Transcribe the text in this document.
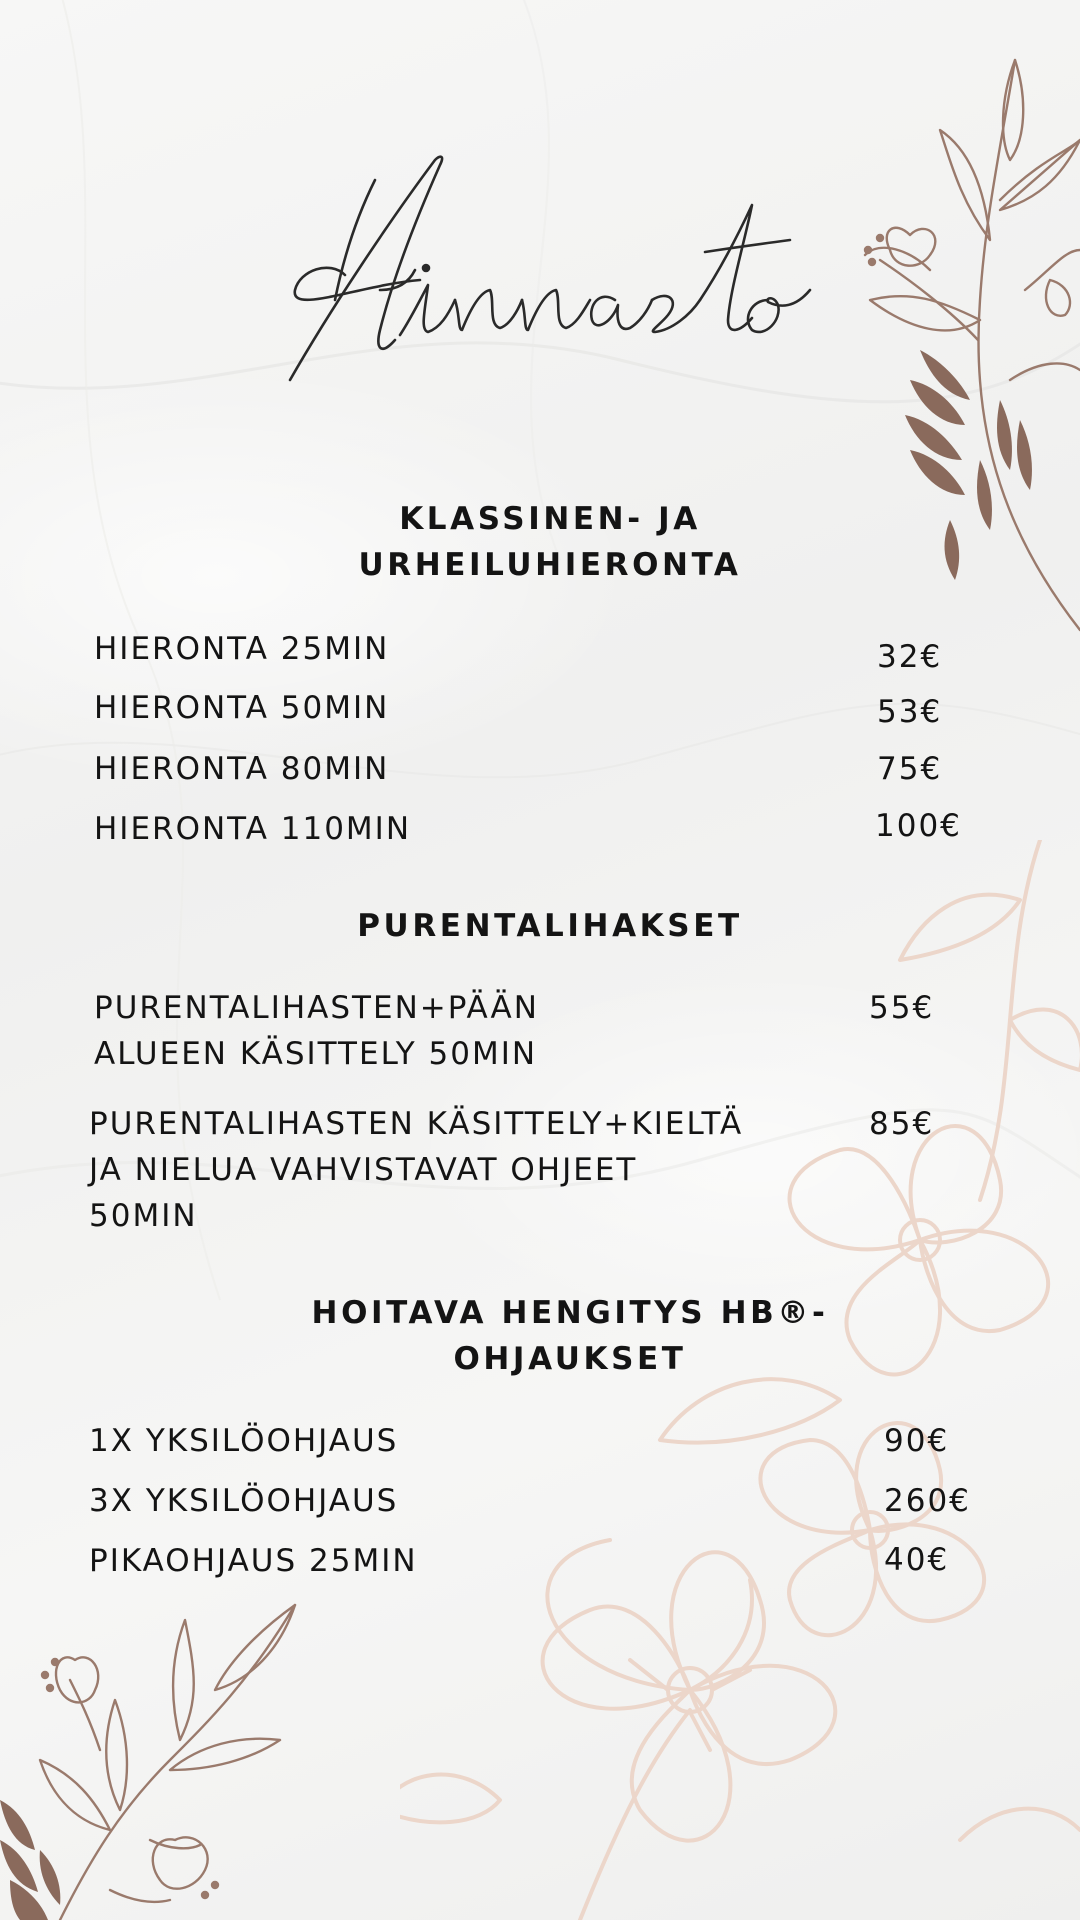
KLASSINEN- JA
URHEILUHIERONTA
HIERONTA 25MIN	32€
HIERONTA 50MIN	53€
HIERONTA 80MIN	75€
HIERONTA 110MIN	100€
PURENTALIHAKSET
PURENTALIHASTEN+PÄÄN
ALUEEN KÄSITTELY 50MIN
55€
PURENTALIHASTEN KÄSITTELY+KIELTÄ
JA NIELUA VAHVISTAVAT OHJEET
50MIN
85€
HOITAVA HENGITYS HB®-
OHJAUKSET
1X YKSILÖOHJAUS	90€
3X YKSILÖOHJAUS	260€
PIKAOHJAUS 25MIN	40€
